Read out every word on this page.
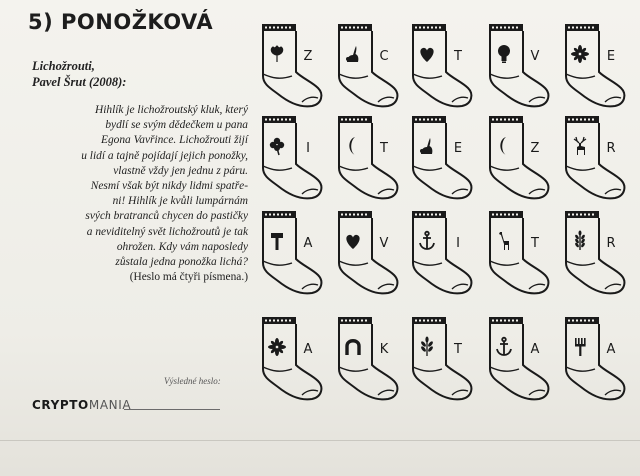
5) PONOŽKOVÁ
Lichožrouti,
Pavel Šrut (2008):
Hihlík je lichožroutský kluk, který
bydlí se svým dědečkem u pana
Egona Vavřince. Lichožrouti žijí
u lidí a tajně pojídají jejich ponožky,
vlastně vždy jen jednu z páru.
Nesmí však být nikdy lidmi spatře-
ni! Hihlík je kvůli lumpárnám
svých bratranců chycen do pastičky
a neviditelný svět lichožroutů je tak
ohrožen. Kdy vám naposledy
zůstala jedna ponožka lichá?
(Heslo má čtyři písmena.)
Výsledné heslo:
CRYPTOMANIA
Z	C	T	V	E
I	T	E	Z	R
A	V	I	T	R
A	K	T	A	A
